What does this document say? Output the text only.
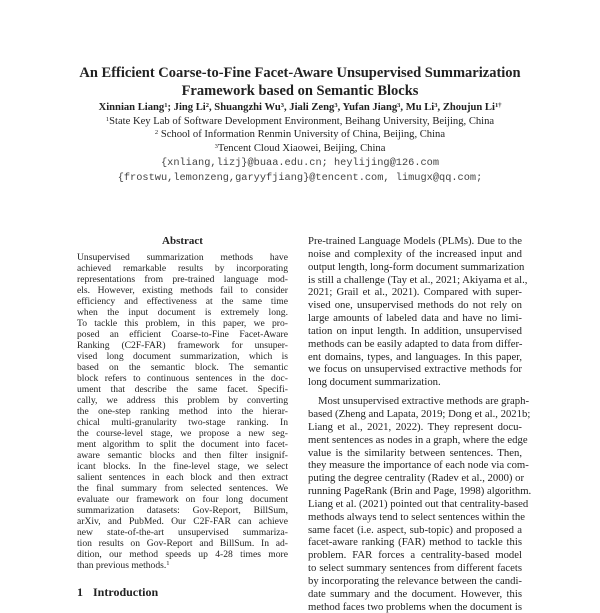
An Efficient Coarse-to-Fine Facet-Aware Unsupervised Summarization
Framework based on Semantic Blocks
Xinnian Liang$^1$; Jing Li$^2$, Shuangzhi Wu$^3$, Jiali Zeng$^3$, Yufan Jiang$^3$, Mu Li$^3$, Zhoujun $Li^{1\dagger}$
$^1$State Key Lab of Software Development Environment, Beihang University, Beijing, China
$^2$ School of Information Renmin University of China, Beijing, China
$^3$Tencent Cloud Xiaowei, Beijing, China
{xnliang,lizj}@buaa.edu.cn; heylijing@126.com
{frostwu,lemonzeng,garyyfjiang}@tencent.com, limugx@qq.com;
Abstract
Unsupervised summarization methods have
achieved remarkable results by incorporating
representations from pre-trained language mod-
els. However, existing methods fail to consider
efficiency and effectiveness at the same time
when the input document is extremely long.
To tackle this problem, in this paper, we pro-
posed an efficient Coarse-to-Fine Facet-Aware
Ranking (C2F-FAR) framework for unsuper-
vised long document summarization, which is
based on the semantic block. The semantic
block refers to continuous sentences in the doc-
ument that describe the same facet. Specifi-
cally, we address this problem by converting
the one-step ranking method into the hierar-
chical multi-granularity two-stage ranking. In
the course-level stage, we propose a new seg-
ment algorithm to split the document into facet-
aware semantic blocks and then filter insignif-
icant blocks. In the fine-level stage, we select
salient sentences in each block and then extract
the final summary from selected sentences. We
evaluate our framework on four long document
summarization datasets: Gov-Report, BillSum,
arXiv, and PubMed. Our C2F-FAR can achieve
new state-of-the-art unsupervised summariza-
tion results on Gov-Report and BillSum. In ad-
dition, our method speeds up 4-28 times more
than previous methods.$^1$
1 Introduction
Pre-trained Language Models (PLMs). Due to the
noise and complexity of the increased input and
output length, long-form document summarization
is still a challenge (Tay et al., 2021; Akiyama et al.,
2021; Grail et al., 2021). Compared with super-
vised one, unsupervised methods do not rely on
large amounts of labeled data and have no limi-
tation on input length. In addition, unsupervised
methods can be easily adapted to data from differ-
ent domains, types, and languages. In this paper,
we focus on unsupervised extractive methods for
long document summarization.
Most unsupervised extractive methods are graph-
based (Zheng and Lapata, 2019; Dong et al., 2021b;
Liang et al., 2021, 2022). They represent docu-
ment sentences as nodes in a graph, where the edge
value is the similarity between sentences. Then,
they measure the importance of each node via com-
puting the degree centrality (Radev et al., 2000) or
running PageRank (Brin and Page, 1998) algorithm.
Liang et al. (2021) pointed out that centrality-based
methods always tend to select sentences within the
same facet (i.e. aspect, sub-topic) and proposed a
facet-aware ranking (FAR) method to tackle this
problem. FAR forces a centrality-based model
to select summary sentences from different facets
by incorporating the relevance between the candi-
date summary and the document. However, this
method faces two problems when the document is
